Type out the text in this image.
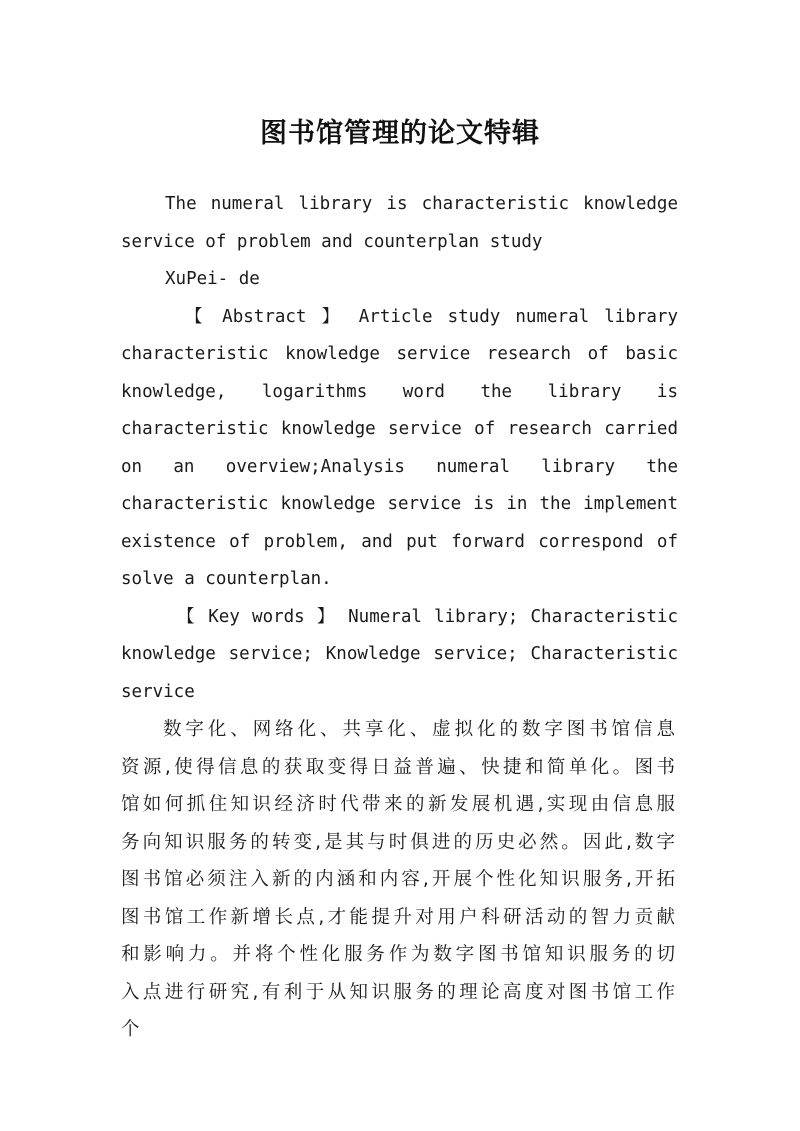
图书馆管理的论文特辑

The numeral library is characteristic knowledge service of problem and counterplan study

XuPei- de

【 Abstract 】 Article study numeral library characteristic knowledge service research of basic knowledge, logarithms word the library is characteristic knowledge service of research carried on an overview;Analysis numeral library the characteristic knowledge service is in the implement existence of problem, and put forward correspond of solve a counterplan.

【 Key words 】 Numeral library; Characteristic knowledge service; Knowledge service; Characteristic service

数字化、网络化、共享化、虚拟化的数字图书馆信息资源,使得信息的获取变得日益普遍、快捷和简单化。图书馆如何抓住知识经济时代带来的新发展机遇,实现由信息服务向知识服务的转变,是其与时俱进的历史必然。因此,数字图书馆必须注入新的内涵和内容,开展个性化知识服务,开拓图书馆工作新增长点,才能提升对用户科研活动的智力贡献和影响力。并将个性化服务作为数字图书馆知识服务的切入点进行研究,有利于从知识服务的理论高度对图书馆工作个
